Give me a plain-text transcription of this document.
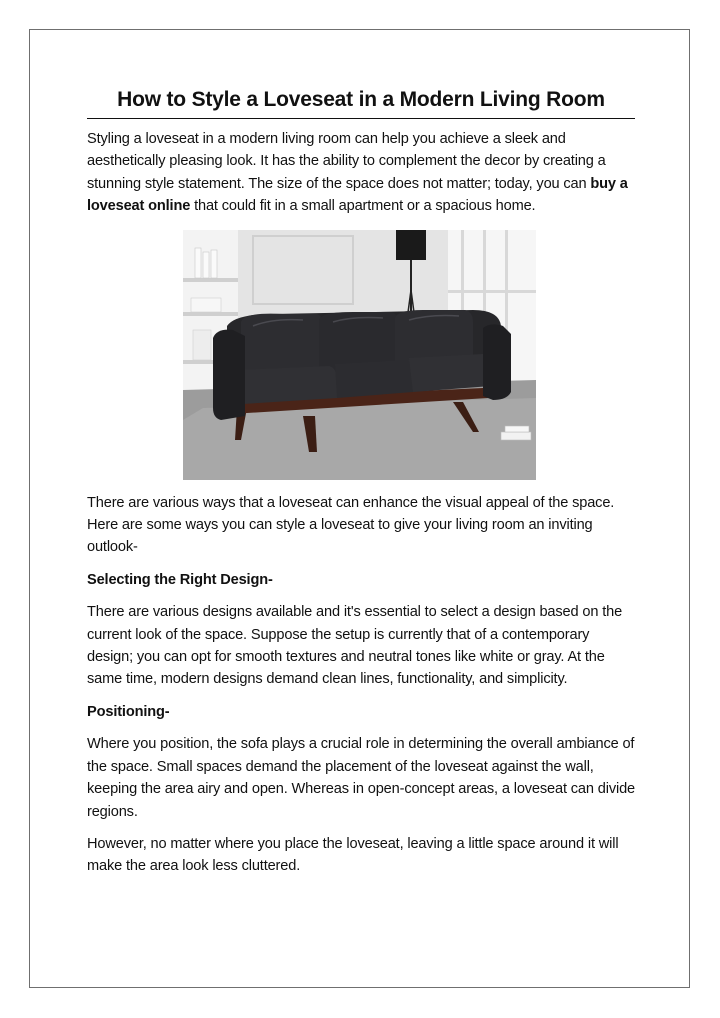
How to Style a Loveseat in a Modern Living Room

Styling a loveseat in a modern living room can help you achieve a sleek and aesthetically pleasing look. It has the ability to complement the decor by creating a stunning style statement. The size of the space does not matter; today, you can buy a loveseat online that could fit in a small apartment or a spacious home.

There are various ways that a loveseat can enhance the visual appeal of the space. Here are some ways you can style a loveseat to give your living room an inviting outlook-

Selecting the Right Design-

There are various designs available and it's essential to select a design based on the current look of the space. Suppose the setup is currently that of a contemporary design; you can opt for smooth textures and neutral tones like white or gray. At the same time, modern designs demand clean lines, functionality, and simplicity.

Positioning-

Where you position, the sofa plays a crucial role in determining the overall ambiance of the space. Small spaces demand the placement of the loveseat against the wall, keeping the area airy and open. Whereas in open-concept areas, a loveseat can divide regions.

However, no matter where you place the loveseat, leaving a little space around it will make the area look less cluttered.
